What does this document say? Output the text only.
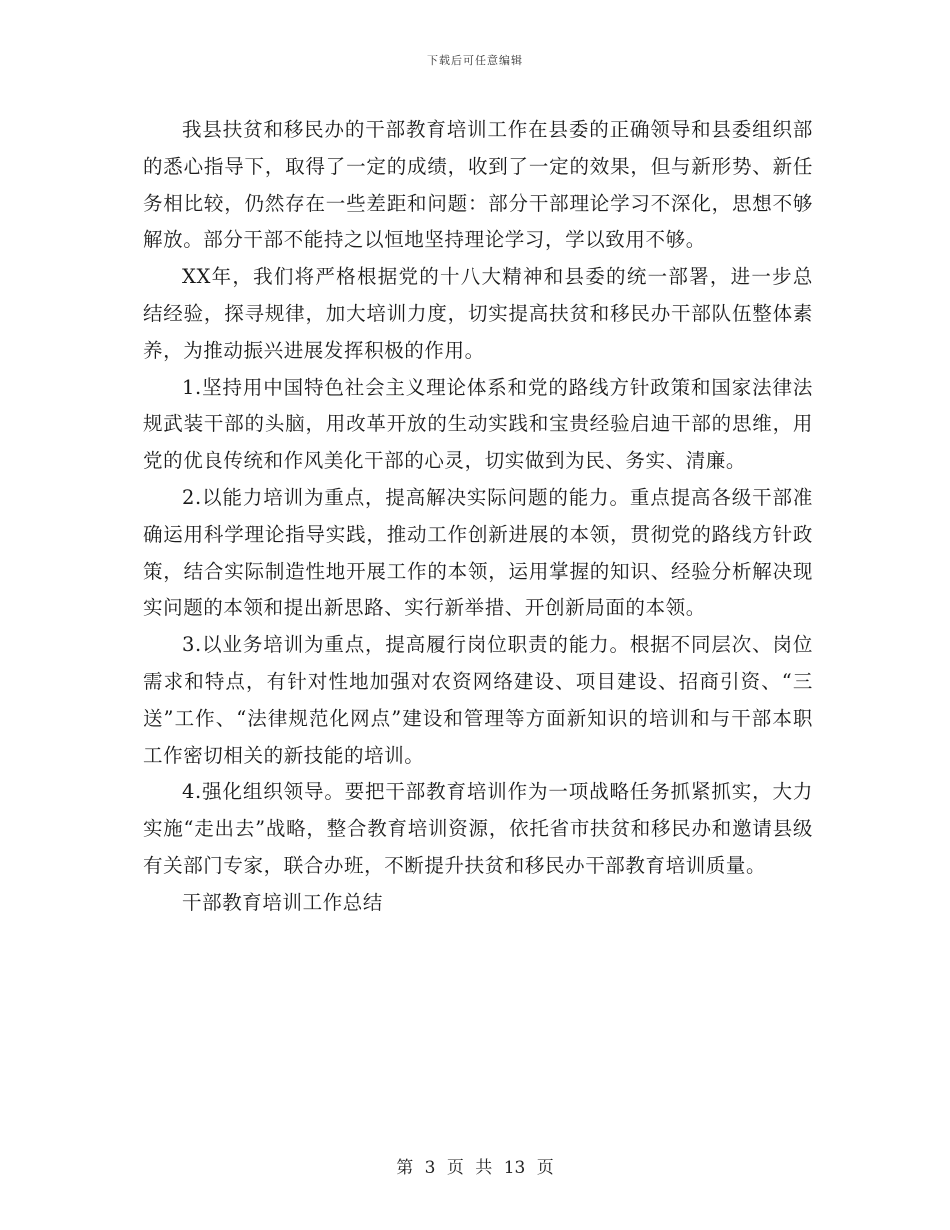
下载后可任意编辑

我县扶贫和移民办的干部教育培训工作在县委的正确领导和县委组织部的悉心指导下，取得了一定的成绩，收到了一定的效果，但与新形势、新任务相比较，仍然存在一些差距和问题：部分干部理论学习不深化，思想不够解放。部分干部不能持之以恒地坚持理论学习，学以致用不够。

XX年，我们将严格根据党的十八大精神和县委的统一部署，进一步总结经验，探寻规律，加大培训力度，切实提高扶贫和移民办干部队伍整体素养，为推动振兴进展发挥积极的作用。

1.坚持用中国特色社会主义理论体系和党的路线方针政策和国家法律法规武装干部的头脑，用改革开放的生动实践和宝贵经验启迪干部的思维，用党的优良传统和作风美化干部的心灵，切实做到为民、务实、清廉。

2.以能力培训为重点，提高解决实际问题的能力。重点提高各级干部准确运用科学理论指导实践，推动工作创新进展的本领，贯彻党的路线方针政策，结合实际制造性地开展工作的本领，运用掌握的知识、经验分析解决现实问题的本领和提出新思路、实行新举措、开创新局面的本领。

3.以业务培训为重点，提高履行岗位职责的能力。根据不同层次、岗位需求和特点，有针对性地加强对农资网络建设、项目建设、招商引资、“三送”工作、“法律规范化网点”建设和管理等方面新知识的培训和与干部本职工作密切相关的新技能的培训。

4.强化组织领导。要把干部教育培训作为一项战略任务抓紧抓实，大力实施“走出去”战略，整合教育培训资源，依托省市扶贫和移民办和邀请县级有关部门专家，联合办班，不断提升扶贫和移民办干部教育培训质量。

干部教育培训工作总结

第 3 页 共 13 页
